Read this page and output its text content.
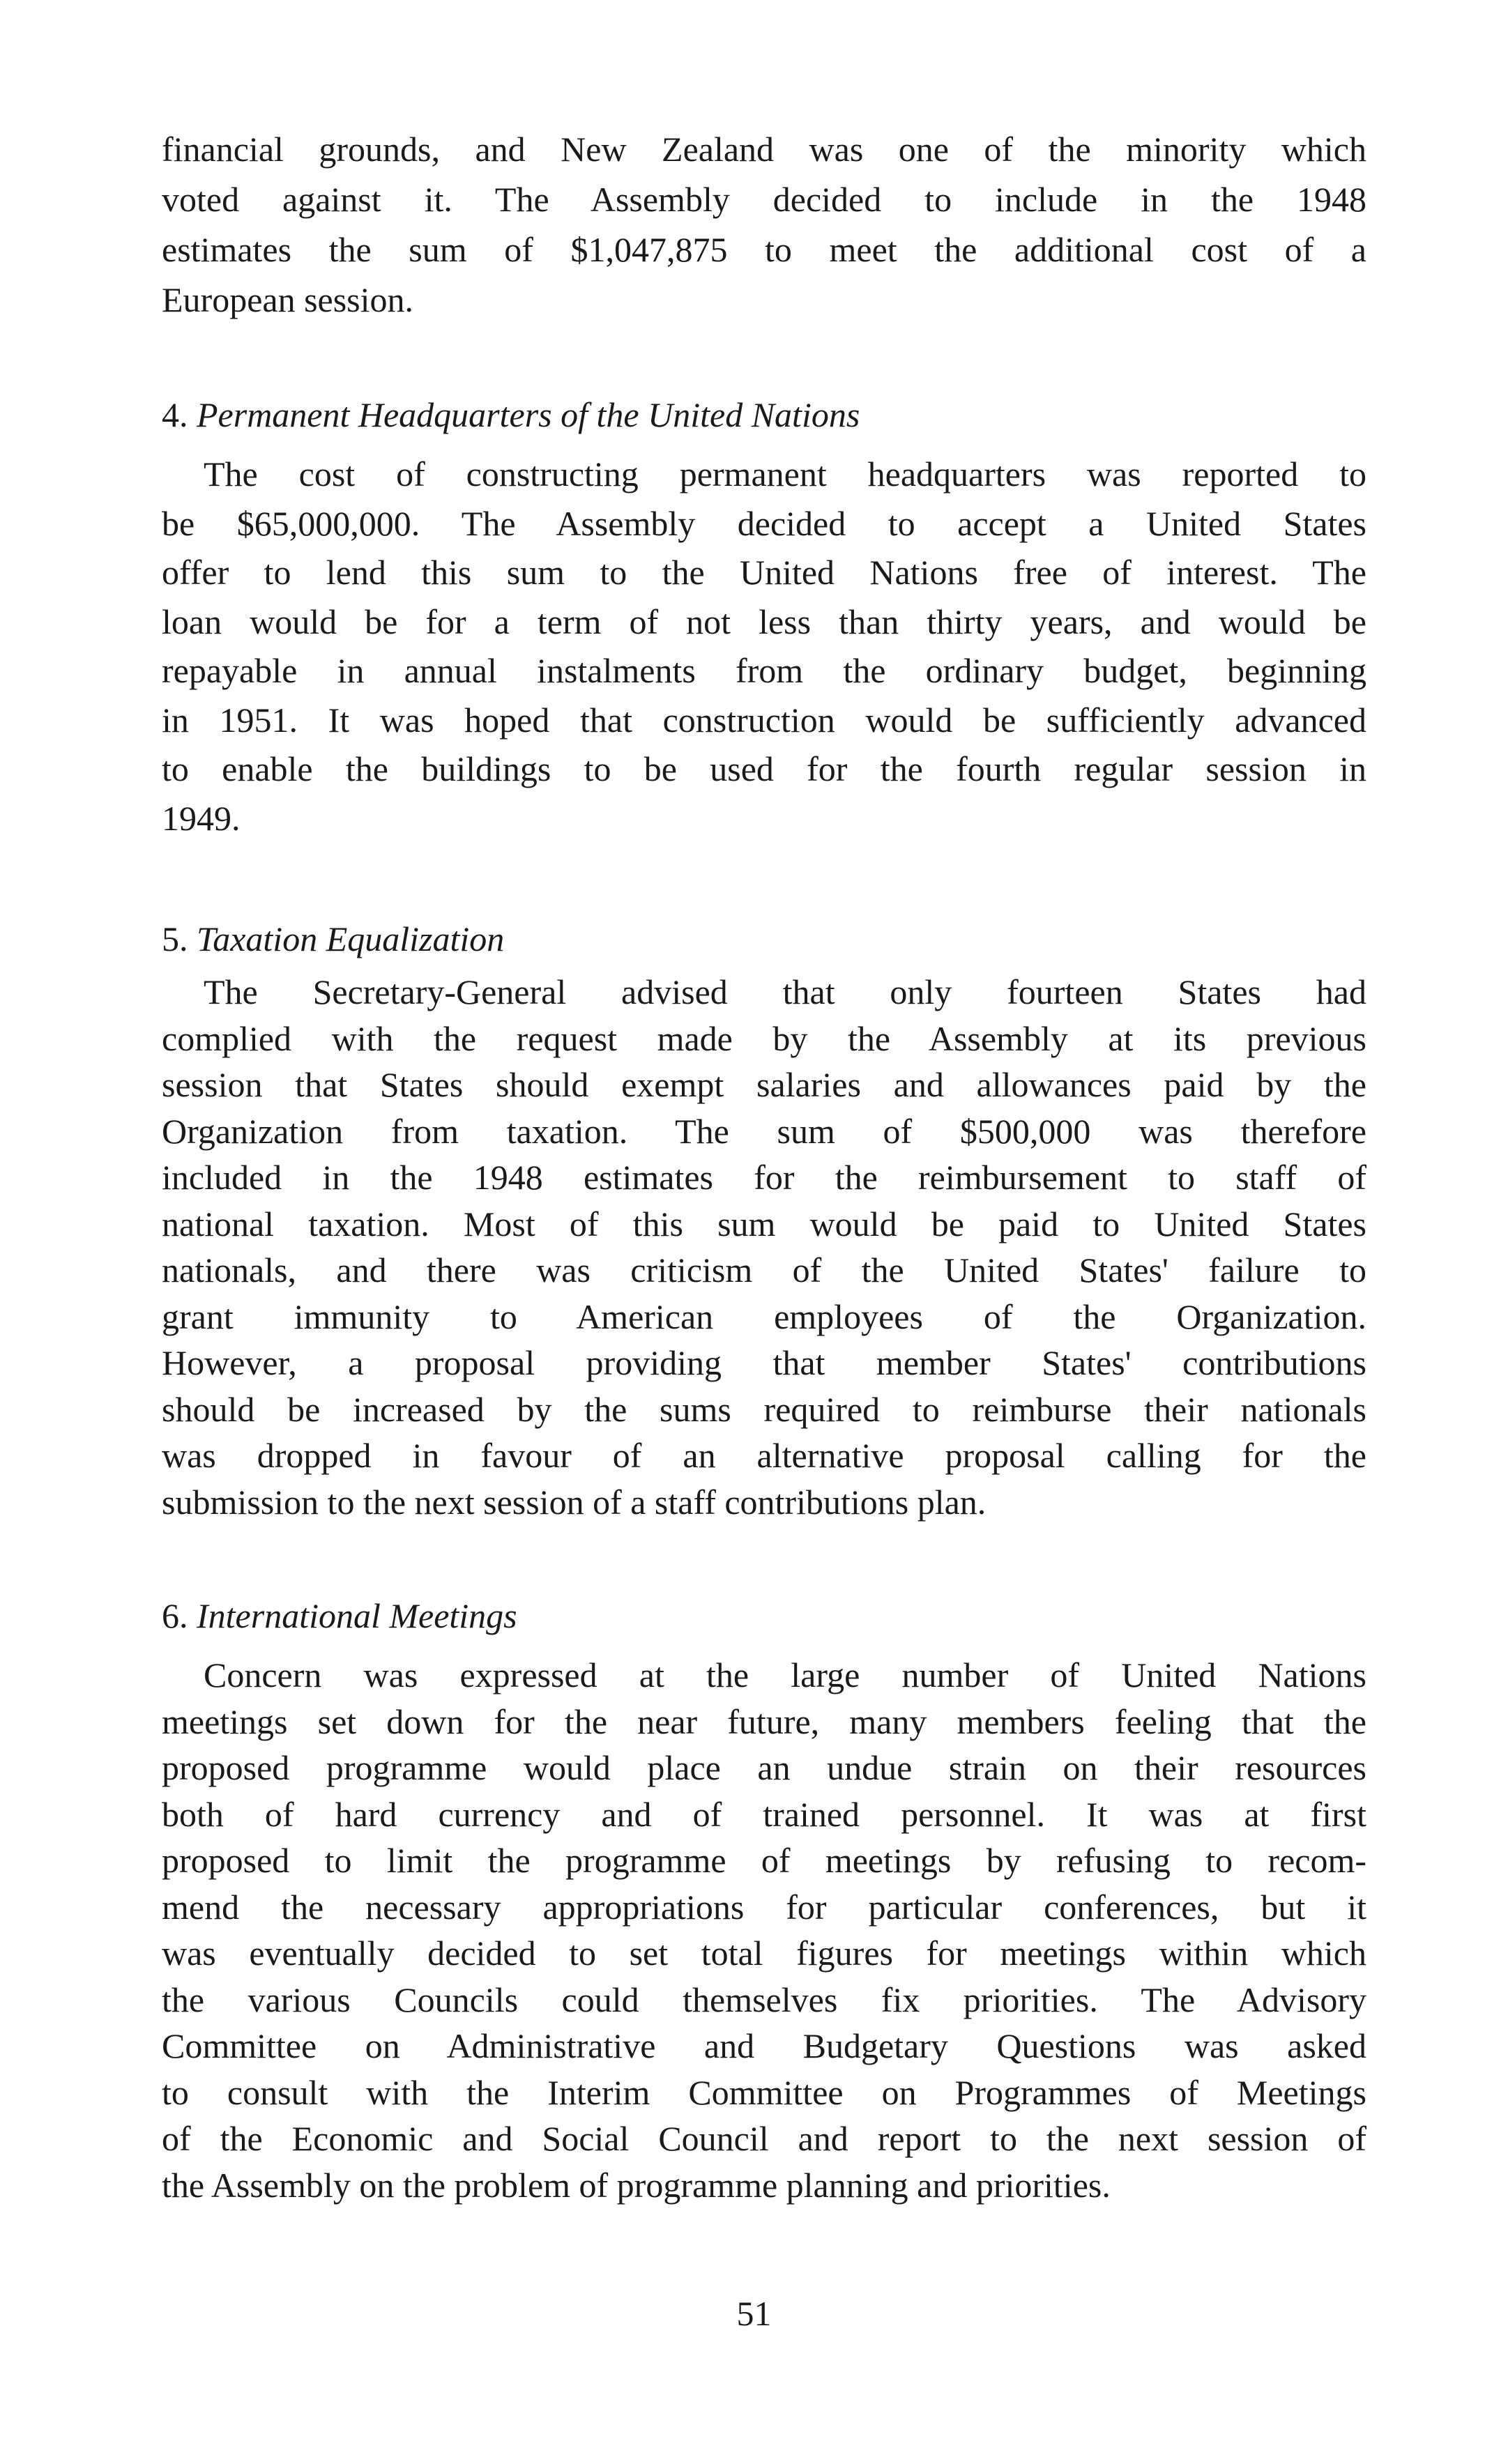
financial grounds, and New Zealand was one of the minority which
voted against it. The Assembly decided to include in the 1948
estimates the sum of $1,047,875 to meet the additional cost of a
European session.
4. Permanent Headquarters of the United Nations
The cost of constructing permanent headquarters was reported to
be $65,000,000. The Assembly decided to accept a United States
offer to lend this sum to the United Nations free of interest. The
loan would be for a term of not less than thirty years, and would be
repayable in annual instalments from the ordinary budget, beginning
in 1951. It was hoped that construction would be sufficiently advanced
to enable the buildings to be used for the fourth regular session in
1949.
5. Taxation Equalization
The Secretary-General advised that only fourteen States had
complied with the request made by the Assembly at its previous
session that States should exempt salaries and allowances paid by the
Organization from taxation. The sum of $500,000 was therefore
included in the 1948 estimates for the reimbursement to staff of
national taxation. Most of this sum would be paid to United States
nationals, and there was criticism of the United States' failure to
grant immunity to American employees of the Organization.
However, a proposal providing that member States' contributions
should be increased by the sums required to reimburse their nationals
was dropped in favour of an alternative proposal calling for the
submission to the next session of a staff contributions plan.
6. International Meetings
Concern was expressed at the large number of United Nations
meetings set down for the near future, many members feeling that the
proposed programme would place an undue strain on their resources
both of hard currency and of trained personnel. It was at first
proposed to limit the programme of meetings by refusing to recom-
mend the necessary appropriations for particular conferences, but it
was eventually decided to set total figures for meetings within which
the various Councils could themselves fix priorities. The Advisory
Committee on Administrative and Budgetary Questions was asked
to consult with the Interim Committee on Programmes of Meetings
of the Economic and Social Council and report to the next session of
the Assembly on the problem of programme planning and priorities.
51
